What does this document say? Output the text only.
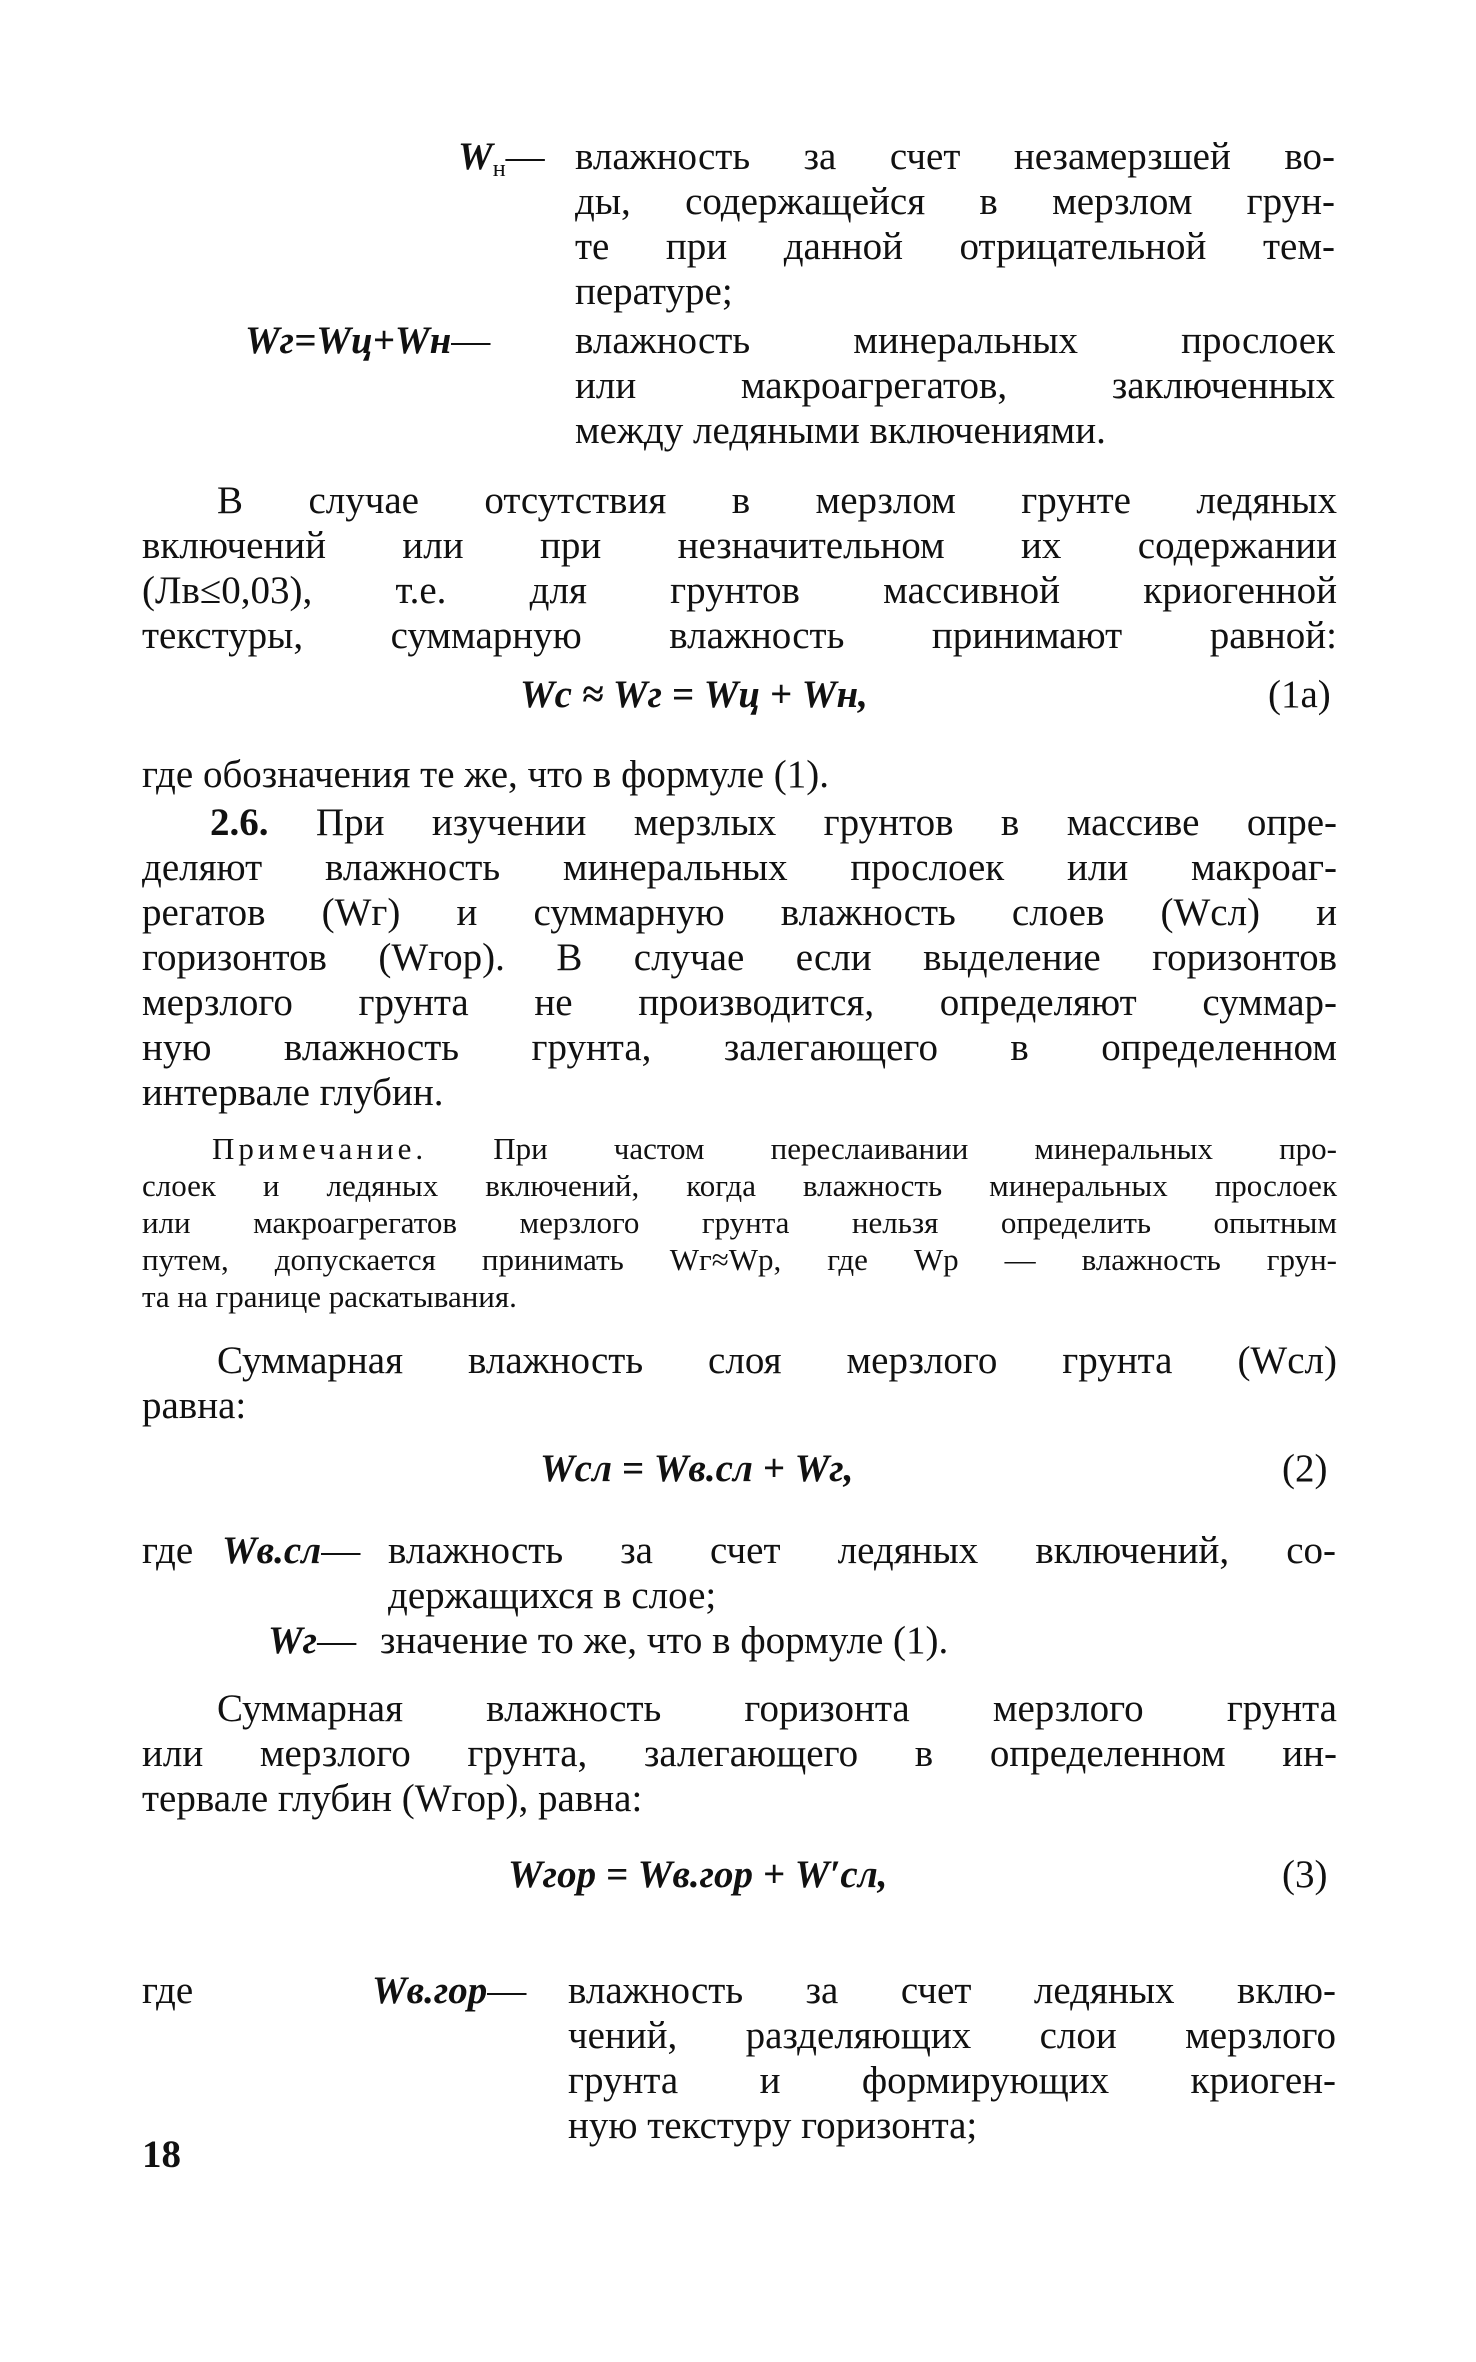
$W_н—$ влажность за счет незамерзшей во-
ды, содержащейся в мерзлом грун-
те при данной отрицательной тем-
пературе;
Wг=Wц+Wн— влажность минеральных прослоек
или макроагрегатов, заключенных
между ледяными включениями.
В случае отсутствия в мерзлом грунте ледяных
включений или при незначительном их содержании
(Лв≤0,03), т.е. для грунтов массивной криогенной
текстуры, суммарную влажность принимают равной:
Wс ≈ Wг = Wц + Wн,	(1а)
где обозначения те же, что в формуле (1).
2.6. При изучении мерзлых грунтов в массиве опре-
деляют влажность минеральных прослоек или макроаг-
регатов (Wг) и суммарную влажность слоев (Wсл) и
горизонтов (Wгор). В случае если выделение горизонтов
мерзлого грунта не производится, определяют суммар-
ную влажность грунта, залегающего в определенном
интервале глубин.
Примечание. При частом переслаивании минеральных про-
слоек и ледяных включений, когда влажность минеральных прослоек
или макроагрегатов мерзлого грунта нельзя определить опытным
путем, допускается принимать Wг≈Wр, где Wр — влажность грун-
та на границе раскатывания.
Суммарная влажность слоя мерзлого грунта (Wсл)
равна:
Wсл = Wв.сл + Wг,	(2)
где Wв.сл— влажность за счет ледяных включений, со-
держащихся в слое;
Wг— значение то же, что в формуле (1).
Суммарная влажность горизонта мерзлого грунта
или мерзлого грунта, залегающего в определенном ин-
тервале глубин (Wгор), равна:
Wгор = Wв.гор + W′сл,	(3)
где	Wв.гор— влажность за счет ледяных вклю-
чений, разделяющих слои мерзлого
грунта и формирующих криоген-
ную текстуру горизонта;
18
